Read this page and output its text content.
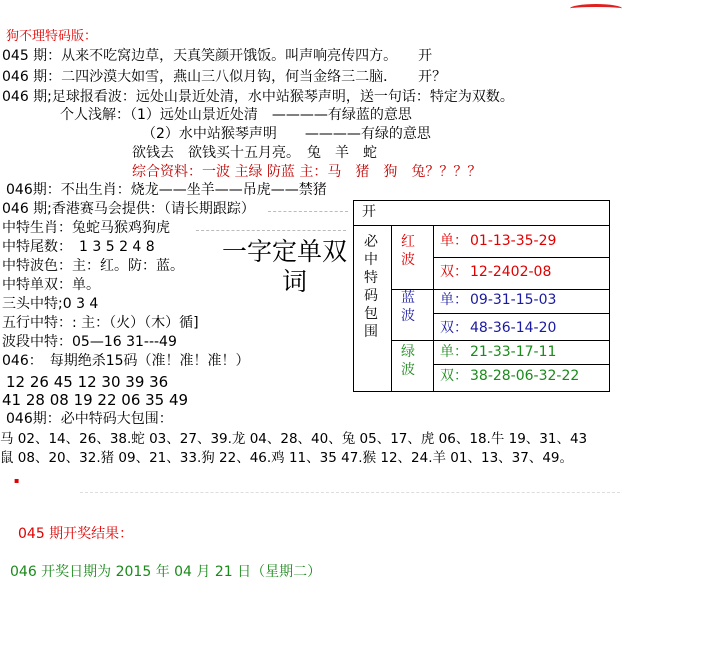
狗不理特码版：
045 期：从来不吃窝边草，天真笑颜开饿饭。叫声响亮传四方。　　开
046 期：二四沙漠大如雪，燕山三八似月钩，何当金络三二脑．　　开？
046 期;足球报看波：远处山景近处清，水中站猴琴声明，送一句话：特定为双数。
个人浅解：（1）远处山景近处清　————有绿蓝的意思
（2）水中站猴琴声明　　————有绿的意思
欲钱去　欲钱买十五月亮。　兔　羊　蛇
综合资料：一波 主绿 防蓝 主：马　猪　狗　兔？？？？
046期：不出生肖：烧龙——坐羊——吊虎——禁猪
046 期;香港赛马会提供：（请长期跟踪）
中特生肖：兔蛇马猴鸡狗虎
中特尾数：　1 3 5 2 4 8
中特波色：主：红。防：蓝。
中特单双：单。
三头中特;0 3 4
五行中特：: 主：（火）（木）循]
波段中特：05—16 31---49
046：　每期绝杀15码（准！准！准！）
12 26 45 12 30 39 36
41 28 08 19 22 06 35 49
046期：必中特码大包围：
马 02、14、26、38.蛇 03、27、39.龙 04、28、40、兔 05、17、虎 06、18.牛 19、31、43
鼠 08、20、32.猪 09、21、33.狗 22、46.鸡 11、35 47.猴 12、24.羊 01、13、37、49。
一字定单双
词
开
必中特码包围
红波
单： 01-13-35-29
双： 12-2402-08
蓝波
单： 09-31-15-03
双： 48-36-14-20
绿波
单： 21-33-17-11
双： 38-28-06-32-22
▪
045 期开奖结果：
046 开奖日期为 2015 年 04 月 21 日（星期二）
